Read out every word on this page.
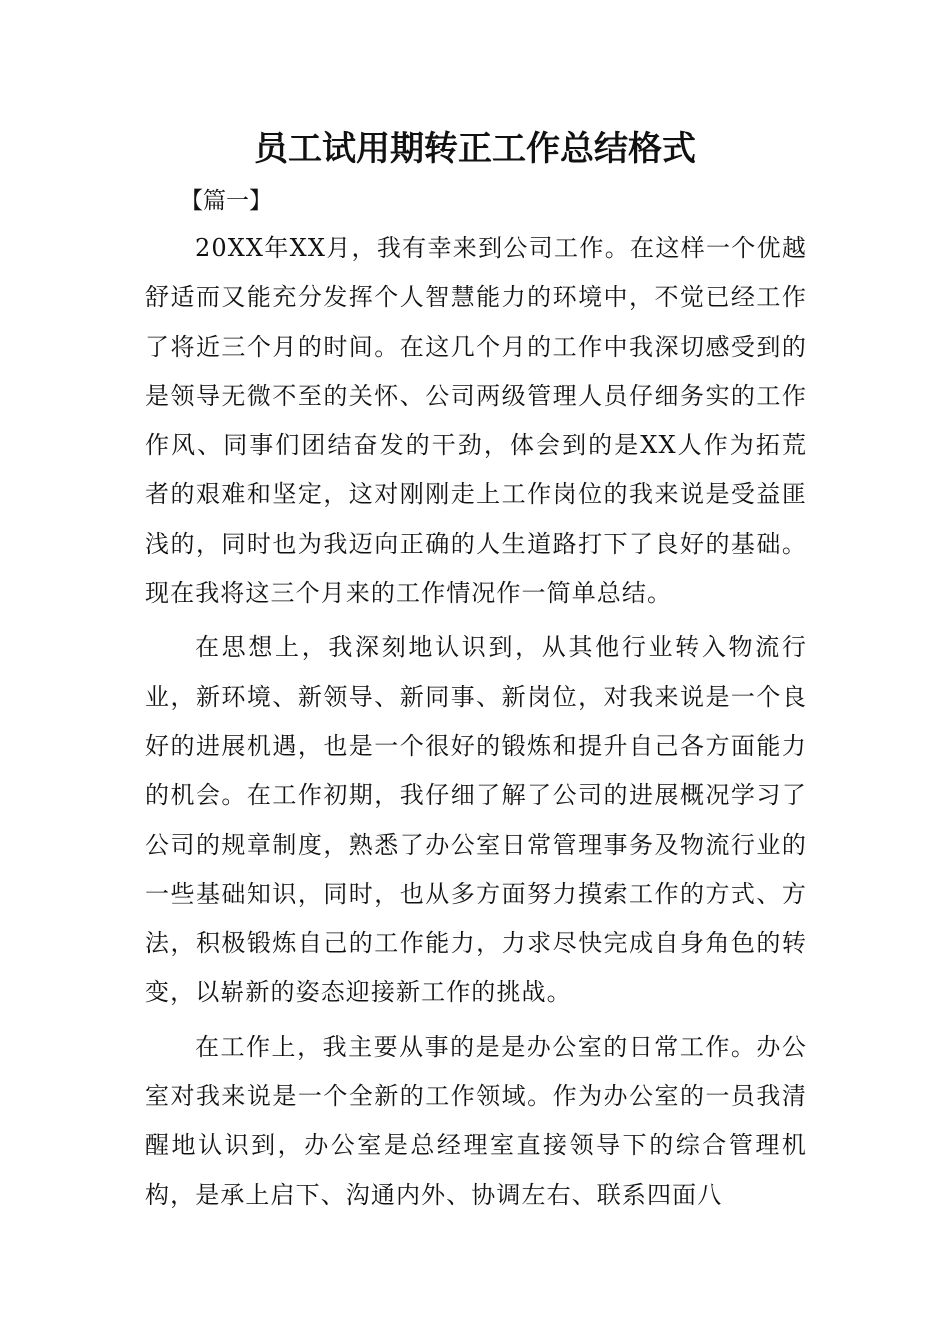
员工试用期转正工作总结格式

【篇一】

20XX年XX月，我有幸来到公司工作。在这样一个优越舒适而又能充分发挥个人智慧能力的环境中，不觉已经工作了将近三个月的时间。在这几个月的工作中我深切感受到的是领导无微不至的关怀、公司两级管理人员仔细务实的工作作风、同事们团结奋发的干劲，体会到的是XX人作为拓荒者的艰难和坚定，这对刚刚走上工作岗位的我来说是受益匪浅的，同时也为我迈向正确的人生道路打下了良好的基础。现在我将这三个月来的工作情况作一简单总结。

在思想上，我深刻地认识到，从其他行业转入物流行业，新环境、新领导、新同事、新岗位，对我来说是一个良好的进展机遇，也是一个很好的锻炼和提升自己各方面能力的机会。在工作初期，我仔细了解了公司的进展概况学习了公司的规章制度，熟悉了办公室日常管理事务及物流行业的一些基础知识，同时，也从多方面努力摸索工作的方式、方法，积极锻炼自己的工作能力，力求尽快完成自身角色的转变，以崭新的姿态迎接新工作的挑战。

在工作上，我主要从事的是是办公室的日常工作。办公室对我来说是一个全新的工作领域。作为办公室的一员我清醒地认识到，办公室是总经理室直接领导下的综合管理机构，是承上启下、沟通内外、协调左右、联系四面八
